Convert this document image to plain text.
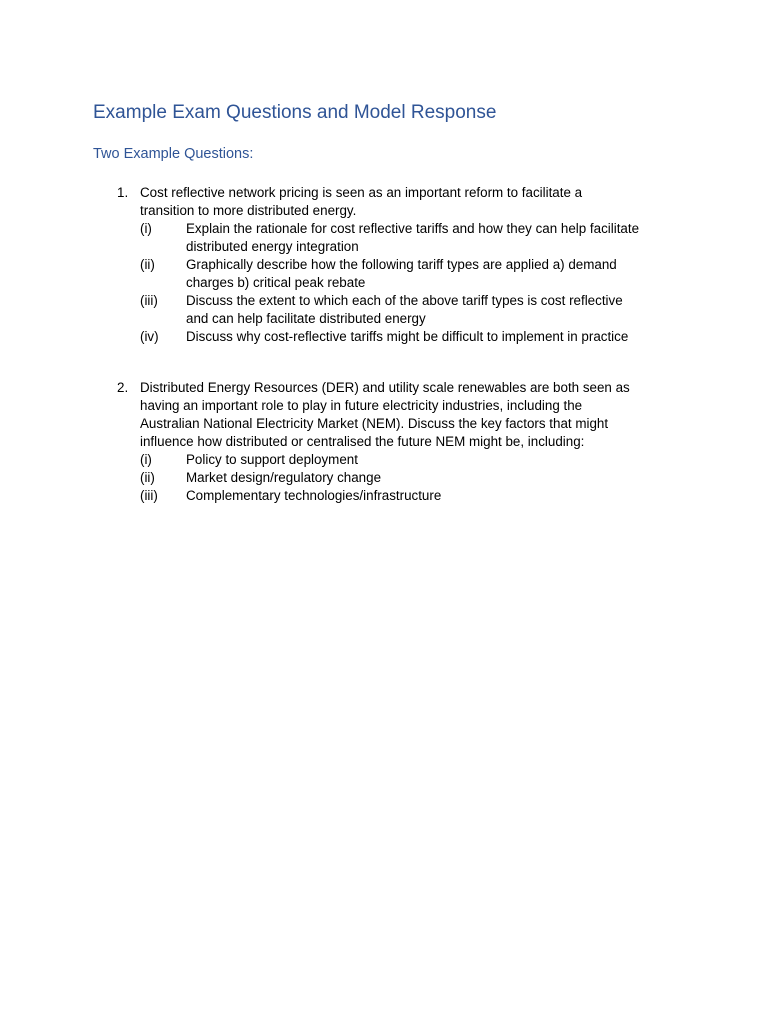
Example Exam Questions and Model Response
Two Example Questions:
1. Cost reflective network pricing is seen as an important reform to facilitate a
transition to more distributed energy.
(i)	Explain the rationale for cost reflective tariffs and how they can help facilitate
distributed energy integration
(ii) Graphically describe how the following tariff types are applied a) demand
charges b) critical peak rebate
(iii) Discuss the extent to which each of the above tariff types is cost reflective
and can help facilitate distributed energy
(iv) Discuss why cost-reflective tariffs might be difficult to implement in practice
2. Distributed Energy Resources (DER) and utility scale renewables are both seen as
having an important role to play in future electricity industries, including the
Australian National Electricity Market (NEM). Discuss the key factors that might
influence how distributed or centralised the future NEM might be, including:
(i)	Policy to support deployment
(ii) Market design/regulatory change
(iii) Complementary technologies/infrastructure
